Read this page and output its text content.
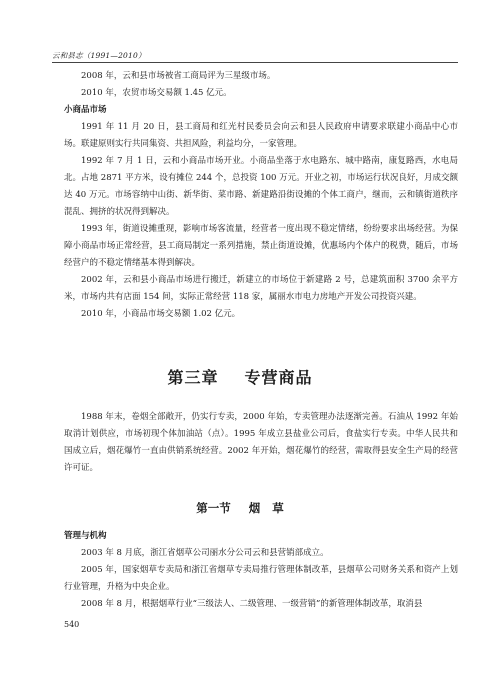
云和县志（1991—2010）

2008 年，云和县市场被省工商局评为三星级市场。

2010 年，农贸市场交易额 1.45 亿元。

小商品市场

1991 年 11 月 20 日，县工商局和红光村民委员会向云和县人民政府申请要求联建小商品中心市场。联建原则实行共同集资、共担风险，利益均分，一家管理。

1992 年 7 月 1 日，云和小商品市场开业。小商品坐落于水电路东、城中路南，康复路西，水电局北。占地 2871 平方米，设有摊位 244 个，总投资 100 万元。开业之初，市场运行状况良好，月成交额达 40 万元。市场容纳中山街、新华街、菜市路、新建路沿街设摊的个体工商户，继而，云和镇街道秩序混乱、拥挤的状况得到解决。

1993 年，街道设摊重现，影响市场客流量，经营者一度出现不稳定情绪，纷纷要求出场经营。为保障小商品市场正常经营，县工商局制定一系列措施，禁止街道设摊，优惠场内个体户的税费，随后，市场经营户的不稳定情绪基本得到解决。

2002 年，云和县小商品市场进行搬迁，新建立的市场位于新建路 2 号，总建筑面积 3700 余平方米，市场内共有店面 154 间，实际正常经营 118 家，属丽水市电力房地产开发公司投资兴建。

2010 年，小商品市场交易额 1.02 亿元。

第三章 专营商品

1988 年末，卷烟全部敞开，仍实行专卖，2000 年始，专卖管理办法逐渐完善。石油从 1992 年始取消计划供应，市场初现个体加油站（点）。1995 年成立县盐业公司后，食盐实行专卖。中华人民共和国成立后，烟花爆竹一直由供销系统经营。2002 年开始，烟花爆竹的经营，需取得县安全生产局的经营许可证。

第一节 烟 草
管理与机构

2003 年 8 月底，浙江省烟草公司丽水分公司云和县营销部成立。

2005 年，国家烟草专卖局和浙江省烟草专卖局推行管理体制改革，县烟草公司财务关系和资产上划行业管理，升格为中央企业。

2008 年 8 月，根据烟草行业“三级法人、二级管理、一级营销”的新管理体制改革，取消县

540
